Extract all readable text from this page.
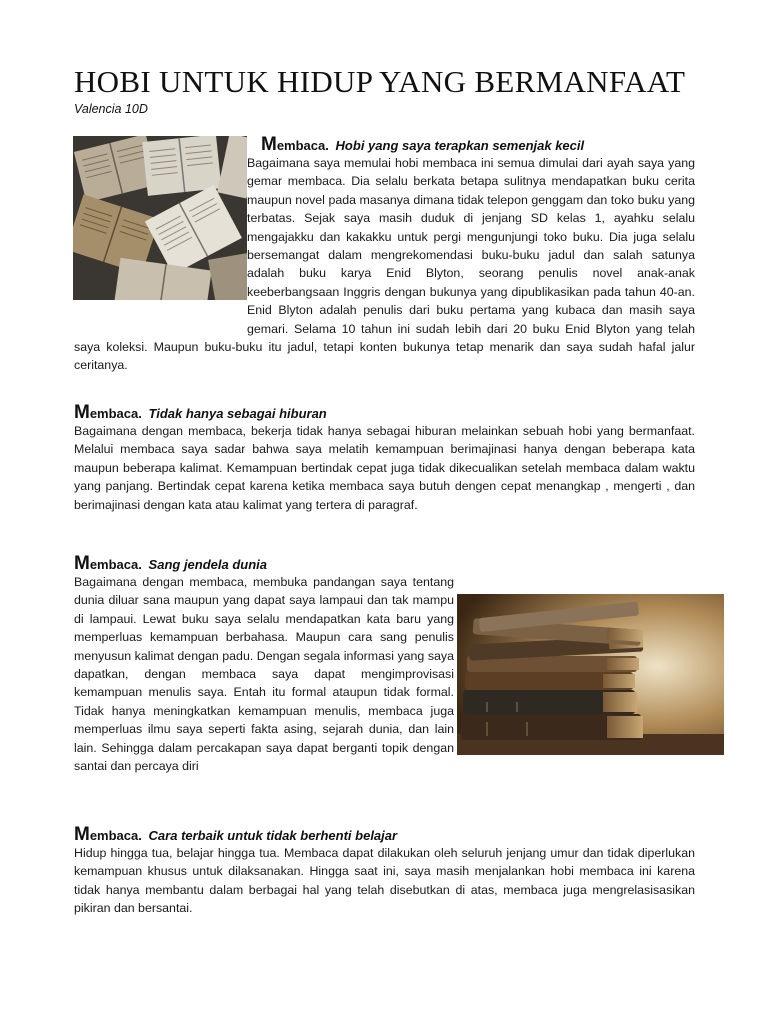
HOBI UNTUK HIDUP YANG BERMANFAAT
Valencia 10D
Membaca. Hobi yang saya terapkan semenjak kecil

Bagaimana saya memulai hobi membaca ini semua dimulai dari ayah saya yang gemar membaca. Dia selalu berkata betapa sulitnya mendapatkan buku cerita maupun novel pada masanya dimana tidak telepon genggam dan toko buku yang terbatas. Sejak saya masih duduk di jenjang SD kelas 1, ayahku selalu mengajakku dan kakakku untuk pergi mengunjungi toko buku. Dia juga selalu bersemangat dalam mengrekomendasi buku-buku jadul dan salah satunya adalah buku karya Enid Blyton, seorang penulis novel anak-anak keeberbangsaan Inggris dengan bukunya yang dipublikasikan pada tahun 40-an. Enid Blyton adalah penulis dari buku pertama yang kubaca dan masih saya gemari. Selama 10 tahun ini sudah lebih dari 20 buku Enid Blyton yang telah saya koleksi. Maupun buku-buku itu jadul, tetapi konten bukunya tetap menarik dan saya sudah hafal jalur ceritanya.

Membaca. Tidak hanya sebagai hiburan

Bagaimana dengan membaca, bekerja tidak hanya sebagai hiburan melainkan sebuah hobi yang bermanfaat. Melalui membaca saya sadar bahwa saya melatih kemampuan berimajinasi hanya dengan beberapa kata maupun beberapa kalimat. Kemampuan bertindak cepat juga tidak dikecualikan setelah membaca dalam waktu yang panjang. Bertindak cepat karena ketika membaca saya butuh dengen cepat menangkap , mengerti , dan berimajinasi dengan kata atau kalimat yang tertera di paragraf.

Membaca. Sang jendela dunia

Bagaimana dengan membaca, membuka pandangan saya tentang dunia diluar sana maupun yang dapat saya lampaui dan tak mampu di lampaui. Lewat buku saya selalu mendapatkan kata baru yang memperluas kemampuan berbahasa. Maupun cara sang penulis menyusun kalimat dengan padu. Dengan segala informasi yang saya dapatkan, dengan membaca saya dapat mengimprovisasi kemampuan menulis saya. Entah itu formal ataupun tidak formal. Tidak hanya meningkatkan kemampuan menulis, membaca juga memperluas ilmu saya seperti fakta asing, sejarah dunia, dan lain lain. Sehingga dalam percakapan saya dapat berganti topik dengan santai dan percaya diri

Membaca. Cara terbaik untuk tidak berhenti belajar

Hidup hingga tua, belajar hingga tua. Membaca dapat dilakukan oleh seluruh jenjang umur dan tidak diperlukan kemampuan khusus untuk dilaksanakan. Hingga saat ini, saya masih menjalankan hobi membaca ini karena tidak hanya membantu dalam berbagai hal yang telah disebutkan di atas, membaca juga mengrelasisasikan pikiran dan bersantai.
